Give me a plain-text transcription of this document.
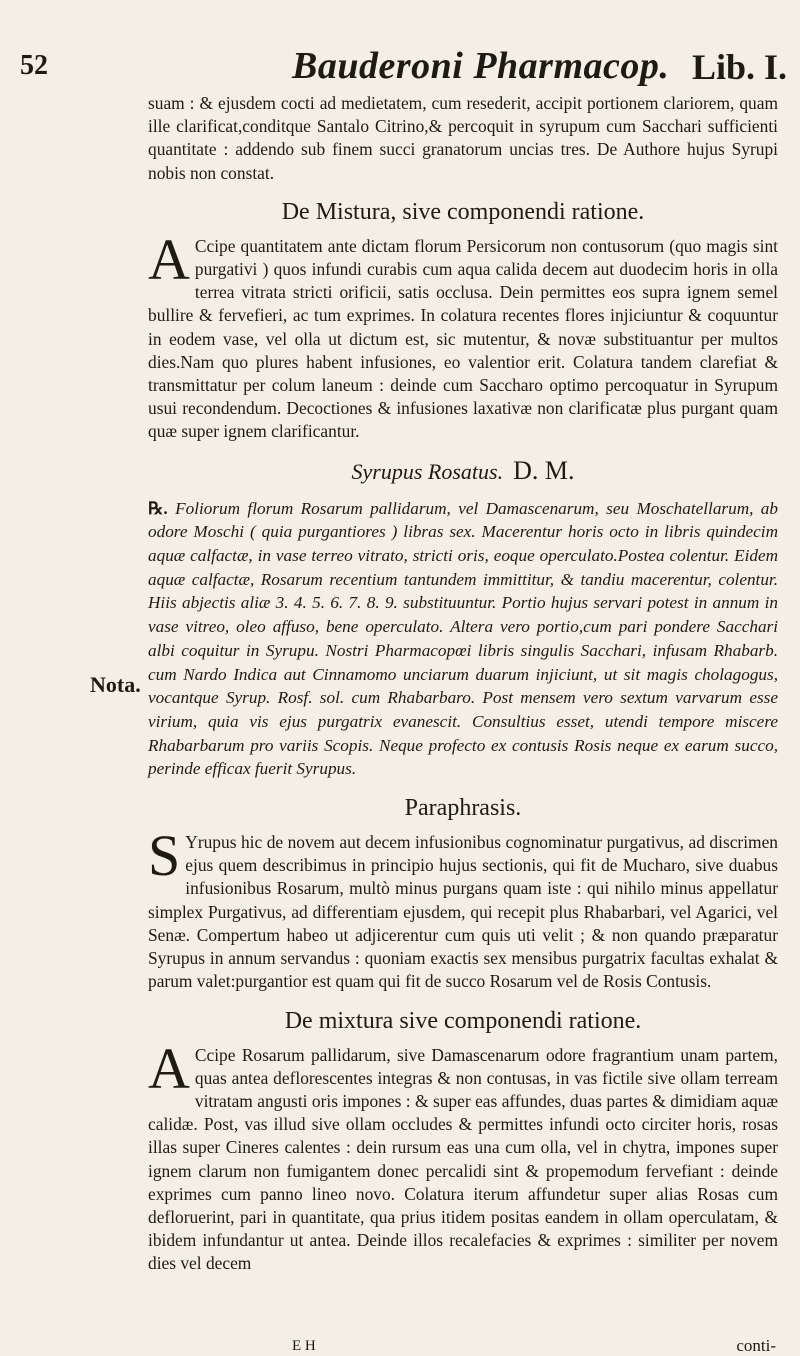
52	Bauderoni Pharmacop. Lib. I.
Nota.

suam : & ejusdem cocti ad medietatem, cum resederit, accipit portionem clariorem, quam ille clarificat,conditque Santalo Citrino,& percoquit in syrupum cum Sacchari sufficienti quantitate : addendo sub finem succi granatorum uncias tres. De Authore hujus Syrupi nobis non constat.

De Mistura, sive componendi ratione.

A Ccipe quantitatem ante dictam florum Persicorum non contusorum (quo magis sint purgativi ) quos infundi curabis cum aqua calida decem aut duodecim horis in olla terrea vitrata stricti orificii, satis occlusa. Dein permittes eos supra ignem semel bullire & fervefieri, ac tum exprimes. In colatura recentes flores injiciuntur & coquuntur in eodem vase, vel olla ut dictum est, sic mutentur, & novæ substituantur per multos dies.Nam quo plures habent infusiones, eo valentior erit. Colatura tandem clarefiat & transmittatur per colum laneum : deinde cum Saccharo optimo percoquatur in Syrupum usui recondendum. Decoctiones & infusiones laxativæ non clarificatæ plus purgant quam quæ super ignem clarificantur.

Syrupus Rosatus. D. M.

℞. Foliorum florum Rosarum pallidarum, vel Damascenarum, seu Moschatellarum, ab odore Moschi ( quia purgantiores ) libras sex. Macerentur horis octo in libris quindecim aquæ calfactæ, in vase terreo vitrato, stricti oris, eoque operculato.Postea colentur. Eidem aquæ calfactæ, Rosarum recentium tantundem immittitur, & tandiu macerentur, colentur. Hiis abjectis aliæ 3. 4. 5. 6. 7. 8. 9. substituuntur. Portio hujus servari potest in annum in vase vitreo, oleo affuso, bene operculato. Altera vero portio,cum pari pondere Sacchari albi coquitur in Syrupu. Nostri Pharmacopœi libris singulis Sacchari, infusam Rhabarb. cum Nardo Indica aut Cinnamomo unciarum duarum injiciunt, ut sit magis cholagogus, vocantque Syrup. Rosf. sol. cum Rhabarbaro. Post mensem vero sextum varvarum esse virium, quia vis ejus purgatrix evanescit. Consultius esset, utendi tempore miscere Rhabarbarum pro variis Scopis. Neque profecto ex contusis Rosis neque ex earum succo, perinde efficax fuerit Syrupus.

Paraphrasis.

S Yrupus hic de novem aut decem infusionibus cognominatur purgativus, ad discrimen ejus quem describimus in principio hujus sectionis, qui fit de Mucharo, sive duabus infusionibus Rosarum, multò minus purgans quam iste : qui nihilo minus appellatur simplex Purgativus, ad differentiam ejusdem, qui recepit plus Rhabarbari, vel Agarici, vel Senæ. Compertum habeo ut adjicerentur cum quis uti velit ; & non quando præparatur Syrupus in annum servandus : quoniam exactis sex mensibus purgatrix facultas exhalat & parum valet:purgantior est quam qui fit de succo Rosarum vel de Rosis Contusis.

De mixtura sive componendi ratione.

A Ccipe Rosarum pallidarum, sive Damascenarum odore fragrantium unam partem, quas antea deflorescentes integras & non contusas, in vas fictile sive ollam terream vitratam angusti oris impones : & super eas affundes, duas partes & dimidiam aquæ calidæ. Post, vas illud sive ollam occludes & permittes infundi octo circiter horis, rosas illas super Cineres calentes : dein rursum eas una cum olla, vel in chytra, impones super ignem clarum non fumigantem donec percalidi sint & propemodum fervefiant : deinde exprimes cum panno lineo novo. Colatura iterum affundetur super alias Rosas cum defloruerint, pari in quantitate, qua prius itidem positas eandem in ollam operculatam, & ibidem infundantur ut antea. Deinde illos recalefacies & exprimes : similiter per novem dies vel decem

E H	conti-
